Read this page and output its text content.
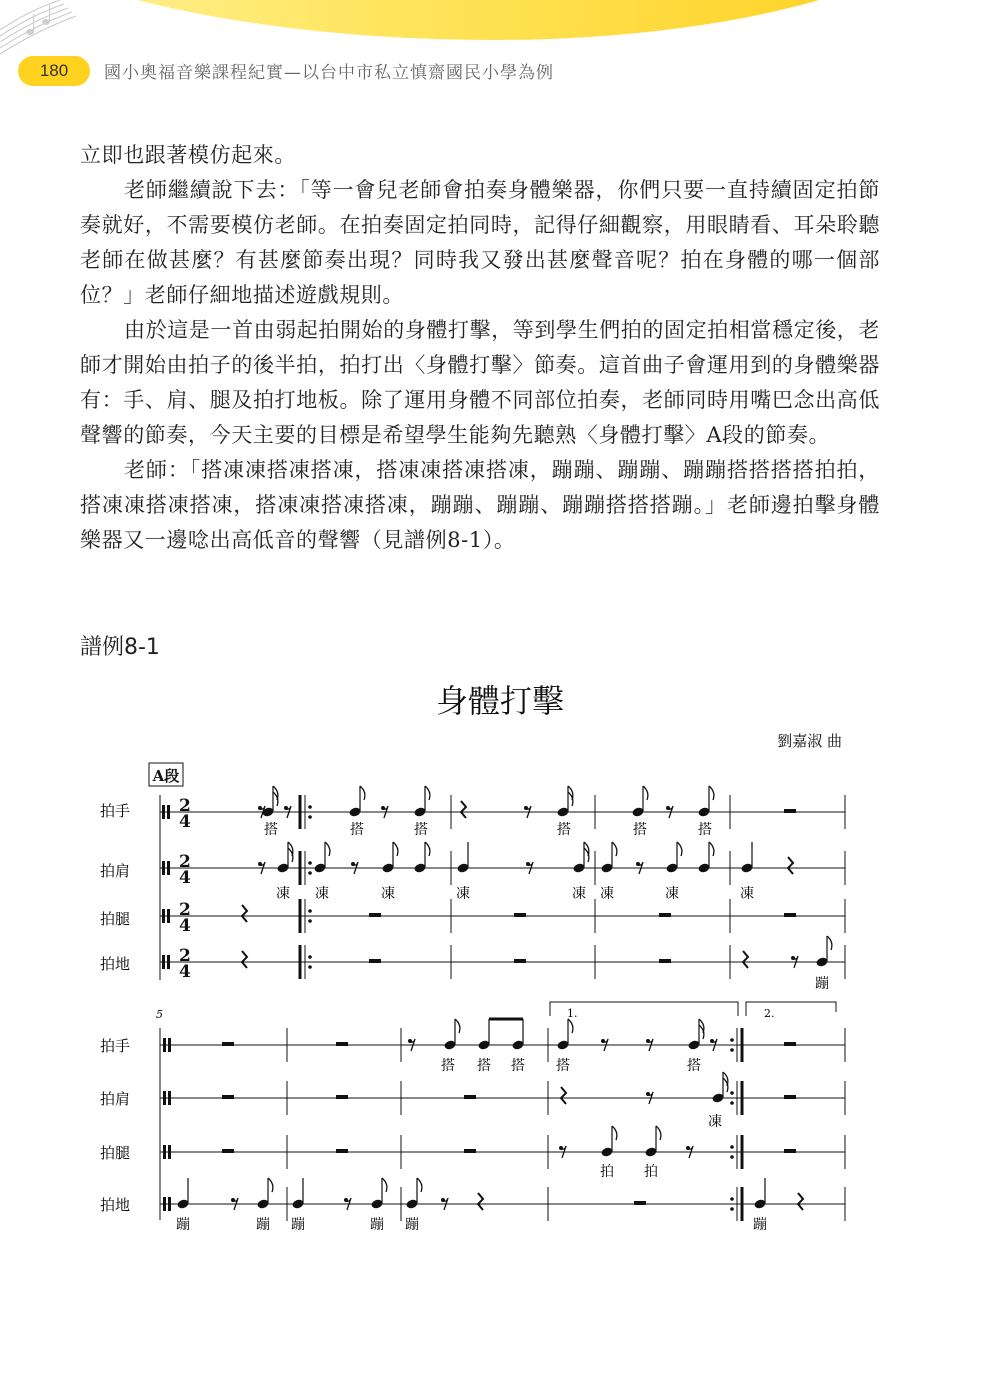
180	國小奧福音樂課程紀實—以台中市私立慎齋國民小學為例

立即也跟著模仿起來。

老師繼續說下去：「等一會兒老師會拍奏身體樂器，你們只要一直持續固定拍節奏就好，不需要模仿老師。在拍奏固定拍同時，記得仔細觀察，用眼睛看、耳朵聆聽老師在做甚麼？有甚麼節奏出現？同時我又發出甚麼聲音呢？拍在身體的哪一個部位？」老師仔細地描述遊戲規則。

由於這是一首由弱起拍開始的身體打擊，等到學生們拍的固定拍相當穩定後，老師才開始由拍子的後半拍，拍打出〈身體打擊〉節奏。這首曲子會運用到的身體樂器有：手、肩、腿及拍打地板。除了運用身體不同部位拍奏，老師同時用嘴巴念出高低聲響的節奏，今天主要的目標是希望學生能夠先聽熟〈身體打擊〉A段的節奏。

老師：「搭凍凍搭凍搭凍，搭凍凍搭凍搭凍，蹦蹦、蹦蹦、蹦蹦搭搭搭搭拍拍，搭凍凍搭凍搭凍，搭凍凍搭凍搭凍，蹦蹦、蹦蹦、蹦蹦搭搭搭蹦。」老師邊拍擊身體樂器又一邊唸出高低音的聲響（見譜例8-1）。

譜例8-1
身體打擊
劉嘉淑 曲
A段
拍手
拍肩
拍腿
拍地
拍手
拍肩
拍腿
拍地
5	1.	2.
2
4
2
4
2
4
2
4
搭	搭	搭	搭	搭	搭
凍 凍	凍	凍	凍 凍	凍	凍
蹦
搭 搭 搭 搭	搭
凍
拍 拍
蹦	蹦 蹦	蹦 蹦	蹦
